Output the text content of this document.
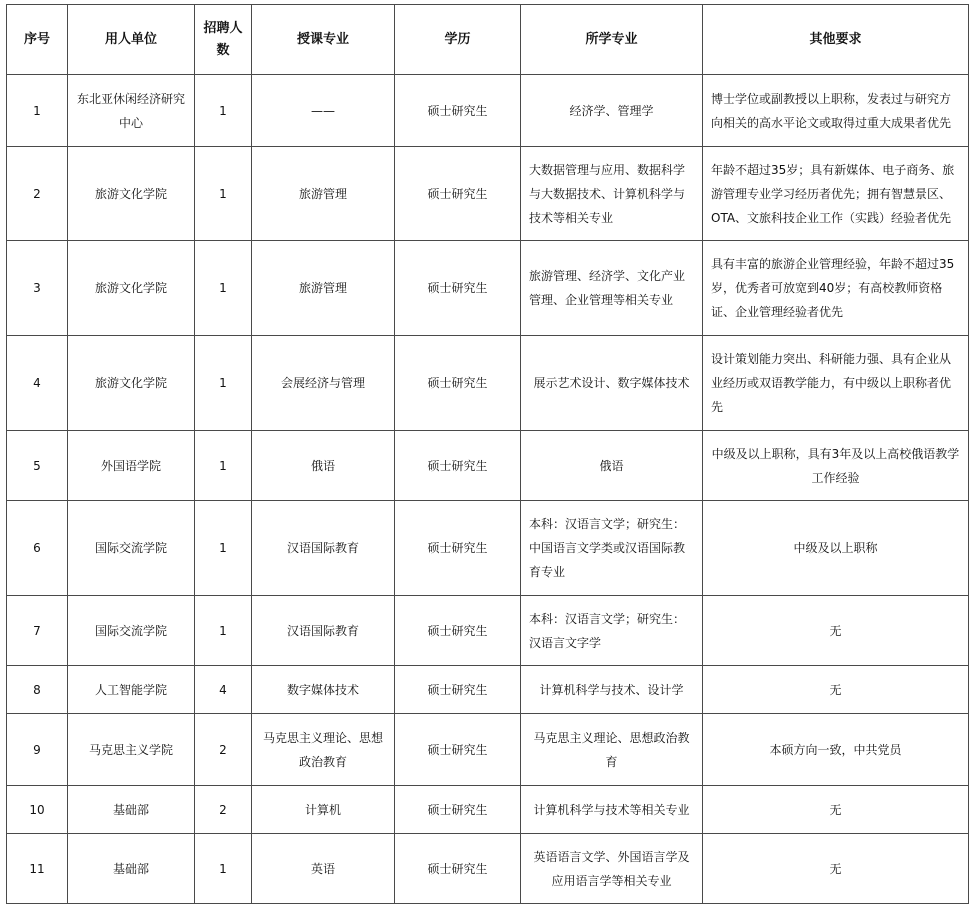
序号	用人单位	招聘人数	授课专业	学历	所学专业	其他要求
1	东北亚休闲经济研究中心	1	——	硕士研究生	经济学、管理学	博士学位或副教授以上职称，发表过与研究方向相关的高水平论文或取得过重大成果者优先
2	旅游文化学院	1	旅游管理	硕士研究生	大数据管理与应用、数据科学与大数据技术、计算机科学与技术等相关专业	年龄不超过35岁；具有新媒体、电子商务、旅游管理专业学习经历者优先；拥有智慧景区、OTA、文旅科技企业工作（实践）经验者优先
3	旅游文化学院	1	旅游管理	硕士研究生	旅游管理、经济学、文化产业管理、企业管理等相关专业	具有丰富的旅游企业管理经验，年龄不超过35岁，优秀者可放宽到40岁；有高校教师资格证、企业管理经验者优先
4	旅游文化学院	1	会展经济与管理	硕士研究生	展示艺术设计、数字媒体技术	设计策划能力突出、科研能力强、具有企业从业经历或双语教学能力，有中级以上职称者优先
5	外国语学院	1	俄语	硕士研究生	俄语	中级及以上职称，具有3年及以上高校俄语教学工作经验
6	国际交流学院	1	汉语国际教育	硕士研究生	本科：汉语言文学；研究生：中国语言文学类或汉语国际教育专业	中级及以上职称
7	国际交流学院	1	汉语国际教育	硕士研究生	本科：汉语言文学；研究生：汉语言文字学	无
8	人工智能学院	4	数字媒体技术	硕士研究生	计算机科学与技术、设计学	无
9	马克思主义学院	2	马克思主义理论、思想政治教育	硕士研究生	马克思主义理论、思想政治教育	本硕方向一致，中共党员
10	基础部	2	计算机	硕士研究生	计算机科学与技术等相关专业	无
11	基础部	1	英语	硕士研究生	英语语言文学、外国语言学及应用语言学等相关专业	无
